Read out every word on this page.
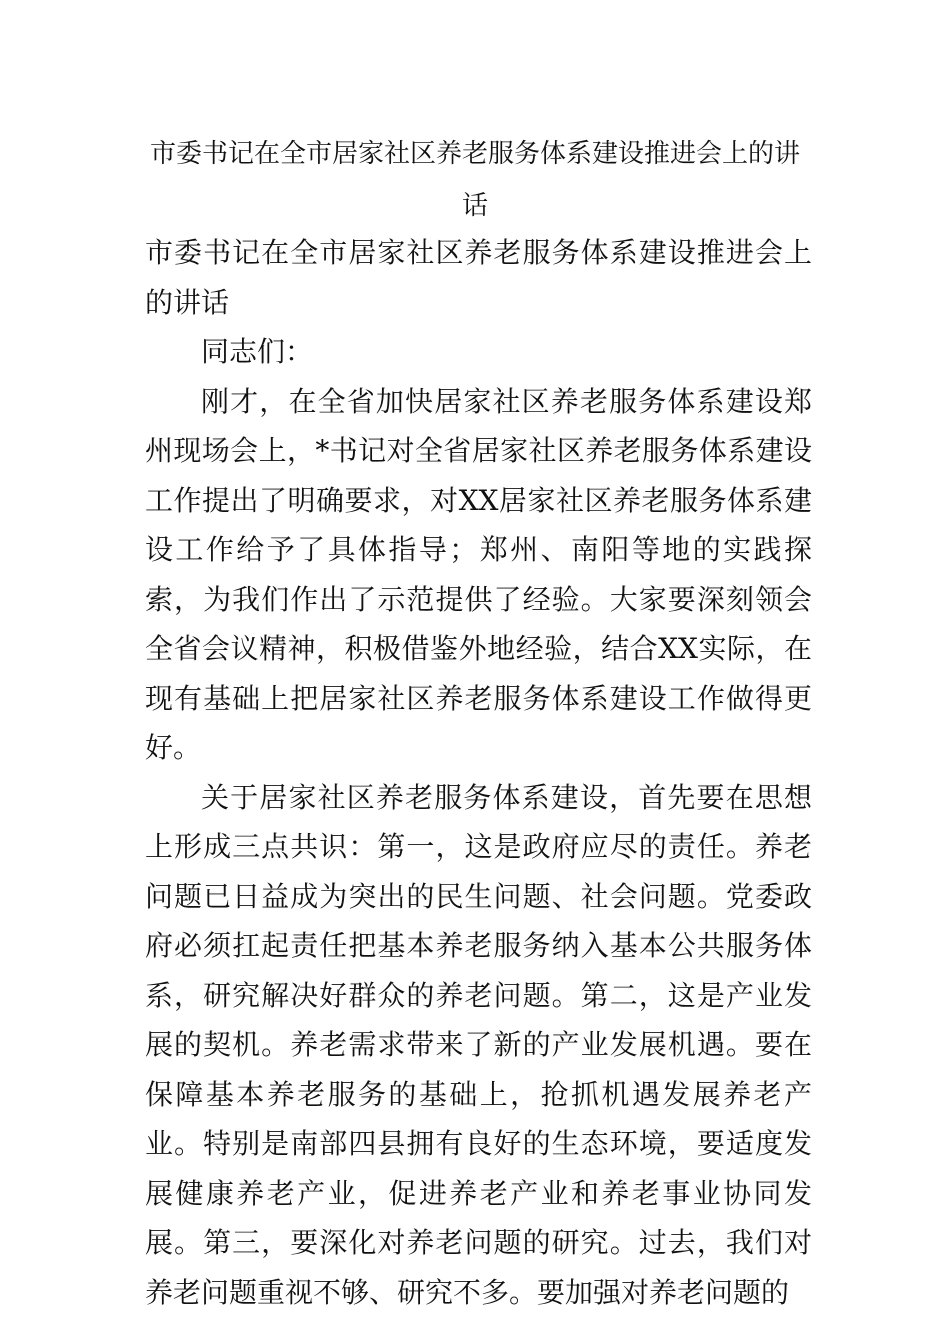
市委书记在全市居家社区养老服务体系建设推进会上的讲话

市委书记在全市居家社区养老服务体系建设推进会上的讲话

同志们：

刚才，在全省加快居家社区养老服务体系建设郑州现场会上，*书记对全省居家社区养老服务体系建设工作提出了明确要求，对XX居家社区养老服务体系建设工作给予了具体指导；郑州、南阳等地的实践探索，为我们作出了示范提供了经验。大家要深刻领会全省会议精神，积极借鉴外地经验，结合XX实际，在现有基础上把居家社区养老服务体系建设工作做得更好。

关于居家社区养老服务体系建设，首先要在思想上形成三点共识：第一，这是政府应尽的责任。养老问题已日益成为突出的民生问题、社会问题。党委政府必须扛起责任把基本养老服务纳入基本公共服务体系，研究解决好群众的养老问题。第二，这是产业发展的契机。养老需求带来了新的产业发展机遇。要在保障基本养老服务的基础上，抢抓机遇发展养老产业。特别是南部四县拥有良好的生态环境，要适度发展健康养老产业，促进养老产业和养老事业协同发展。第三，要深化对养老问题的研究。过去，我们对养老问题重视不够、研究不多。要加强对养老问题的
